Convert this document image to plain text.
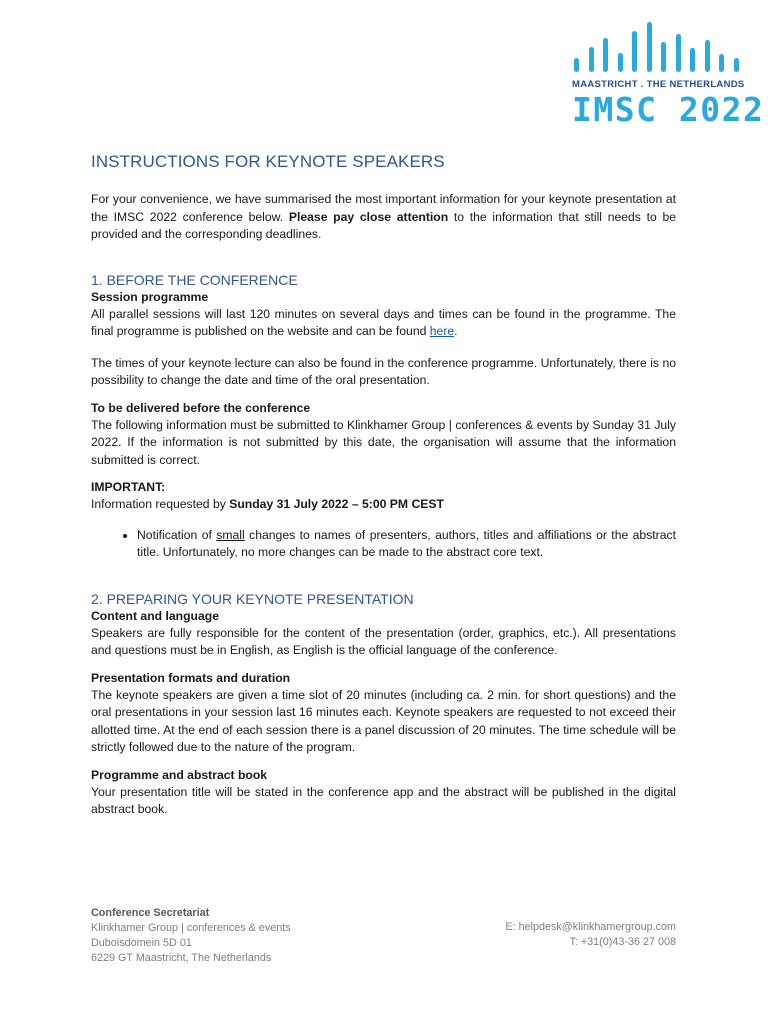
MAASTRICHT . THE NETHERLANDS
IMSC 2022
INSTRUCTIONS FOR KEYNOTE SPEAKERS

For your convenience, we have summarised the most important information for your keynote presentation at the IMSC 2022 conference below. Please pay close attention to the information that still needs to be provided and the corresponding deadlines.

1. BEFORE THE CONFERENCE
Session programme

All parallel sessions will last 120 minutes on several days and times can be found in the programme. The final programme is published on the website and can be found here.

The times of your keynote lecture can also be found in the conference programme. Unfortunately, there is no possibility to change the date and time of the oral presentation.

To be delivered before the conference

The following information must be submitted to Klinkhamer Group | conferences & events by Sunday 31 July 2022. If the information is not submitted by this date, the organisation will assume that the information submitted is correct.

IMPORTANT:

Information requested by Sunday 31 July 2022 – 5:00 PM CEST

• Notification of small changes to names of presenters, authors, titles and affiliations or the abstract title. Unfortunately, no more changes can be made to the abstract core text.
2. PREPARING YOUR KEYNOTE PRESENTATION
Content and language

Speakers are fully responsible for the content of the presentation (order, graphics, etc.). All presentations and questions must be in English, as English is the official language of the conference.

Presentation formats and duration

The keynote speakers are given a time slot of 20 minutes (including ca. 2 min. for short questions) and the oral presentations in your session last 16 minutes each. Keynote speakers are requested to not exceed their allotted time. At the end of each session there is a panel discussion of 20 minutes. The time schedule will be strictly followed due to the nature of the program.

Programme and abstract book

Your presentation title will be stated in the conference app and the abstract will be published in the digital abstract book.

Conference Secretariat
Klinkhamer Group | conferences & events
Duboisdomein 5D 01
6229 GT Maastricht, The Netherlands
E: helpdesk@klinkhamergroup.com
T: +31(0)43-36 27 008
